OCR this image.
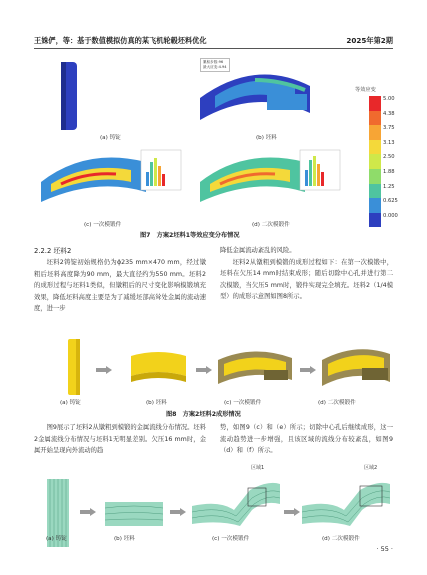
王姝俨，等：基于数值模拟仿真的某飞机轮毂坯料优化	2025年第2期
(a) 铸锭
累积步数:96
最大应变:4.94
(b) 坯料
(c) 一次模锻件	(d) 二次模锻件
等效应变
5.00
4.38
3.75
3.13
2.50
1.88
1.25
0.625
0.000
图7　方案2坯料1等效应变分布情况
2.2.2 坯料2

坯料2铸锭初始规格仍为ϕ235 mm×470 mm，经过镦粗后坯料高度降为90 mm，最大直径约为550 mm。坯料2的成形过程与坯料1类似，但镦粗后的尺寸变化影响模锻填充效果，降低坯料高度主要是为了减缓坯部高耸处金属的流动速度，进一步

降低金属流动紊乱的风险。

坯料2从镦粗到模锻的成形过程如下：在第一次模锻中，坯料在欠压14 mm时结束成形；随后切除中心孔并进行第二次模锻，当欠压5 mm时，锻件实现完全填充。坯料2（1/4模型）的成形示意图如图8所示。

(a) 铸锭	(b) 坯料	(c) 一次模锻件	(d) 二次模锻件
图8　方案2坯料2成形情况

图9展示了坯料2从镦粗到模锻的金属流线分布情况。坯料2金属流线分布情况与坯料1无明显差别。欠压16 mm时，金属开始呈现向外流动的趋

势，如图9（c）和（e）所示；切除中心孔后继续成形，这一流动趋势进一步增强，且该区域的流线分布较紊乱，如图9（d）和（f）所示。
区域1	区域2
(a) 铸锭	(b) 坯料	(c) 一次模锻件	(d) 二次模锻件
· 55 ·
